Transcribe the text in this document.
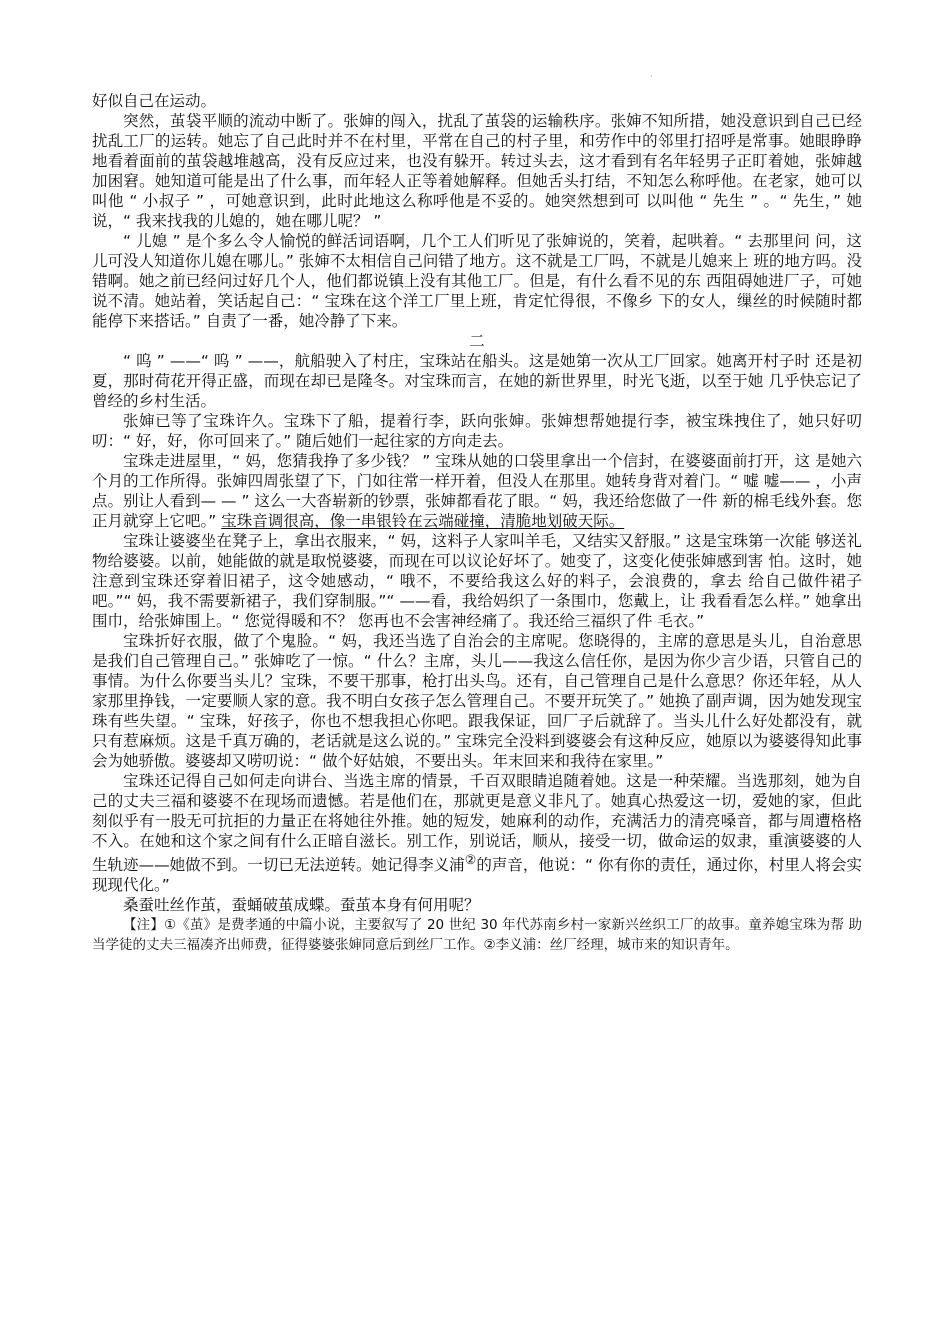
·

好似自己在运动。

突然，茧袋平顺的流动中断了。张婶的闯入，扰乱了茧袋的运输秩序。张婶不知所措，她没意识到自己已经扰乱工厂的运转。她忘了自己此时并不在村里，平常在自己的村子里，和劳作中的邻里打招呼是常事。她眼睁睁地看着面前的茧袋越堆越高，没有反应过来，也没有躲开。转过头去，这才看到有名年轻男子正盯着她，张婶越加困窘。她知道可能是出了什么事，而年轻人正等着她解释。但她舌头打结，不知怎么称呼他。在老家，她可以叫他 “ 小叔子 ” ，可她意识到，此时此地这么称呼他是不妥的。她突然想到可 以叫他 “ 先生 ” 。“ 先生，” 她说，“ 我来找我的儿媳的，她在哪儿呢？ ”

“ 儿媳 ” 是个多么令人愉悦的鲜活词语啊，几个工人们听见了张婶说的，笑着，起哄着。“ 去那里问 问，这儿可没人知道你儿媳在哪儿。” 张婶不太相信自己问错了地方。这不就是工厂吗，不就是儿媳来上 班的地方吗。没错啊。她之前已经问过好几个人，他们都说镇上没有其他工厂。但是，有什么看不见的东 西阻碍她进厂子，可她说不清。她站着，笑话起自己：“ 宝珠在这个洋工厂里上班，肯定忙得很，不像乡 下的女人，缫丝的时候随时都能停下来搭话。” 自责了一番，她冷静了下来。

二

“ 呜 ” ——“ 呜 ” ——，航船驶入了村庄，宝珠站在船头。这是她第一次从工厂回家。她离开村子时 还是初夏，那时荷花开得正盛，而现在却已是隆冬。对宝珠而言，在她的新世界里，时光飞逝，以至于她 几乎快忘记了曾经的乡村生活。

张婶已等了宝珠许久。宝珠下了船，提着行李，跃向张婶。张婶想帮她提行李，被宝珠拽住了，她只好叨叨：“ 好，好，你可回来了。” 随后她们一起往家的方向走去。

宝珠走进屋里，“ 妈，您猜我挣了多少钱？ ” 宝珠从她的口袋里拿出一个信封，在婆婆面前打开，这 是她六个月的工作所得。张婶四周张望了下，门如往常一样开着，但没人在那里。她转身背对着门。“ 嘘 嘘—— ，小声点。别让人看到— — ” 这么一大沓崭新的钞票，张婶都看花了眼。“ 妈，我还给您做了一件 新的棉毛线外套。您正月就穿上它吧。” 宝珠音调很高，像一串银铃在云端碰撞，清脆地划破天际。

宝珠让婆婆坐在凳子上，拿出衣服来，“ 妈，这料子人家叫羊毛，又结实又舒服。” 这是宝珠第一次能 够送礼物给婆婆。以前，她能做的就是取悦婆婆，而现在可以议论好坏了。她变了，这变化使张婶感到害 怕。这时，她注意到宝珠还穿着旧裙子，这令她感动，“ 哦不，不要给我这么好的料子，会浪费的，拿去 给自己做件裙子吧。”“ 妈，我不需要新裙子，我们穿制服。”“ ——看，我给妈织了一条围巾，您戴上，让 我看看怎么样。” 她拿出围巾，给张婶围上。“ 您觉得暖和不？ 您再也不会害神经痛了。我还给三福织了件 毛衣。”

宝珠折好衣服，做了个鬼脸。“ 妈，我还当选了自治会的主席呢。您晓得的，主席的意思是头儿，自治意思是我们自己管理自己。” 张婶吃了一惊。“ 什么？主席，头儿——我这么信任你，是因为你少言少语，只管自己的事情。为什么你要当头儿？宝珠，不要干那事，枪打出头鸟。还有，自己管理自己是什么意思？你还年轻，从人家那里挣钱，一定要顺人家的意。我不明白女孩子怎么管理自己。不要开玩笑了。” 她换了副声调，因为她发现宝珠有些失望。“ 宝珠，好孩子，你也不想我担心你吧。跟我保证，回厂子后就辞了。当头儿什么好处都没有，就只有惹麻烦。这是千真万确的，老话就是这么说的。” 宝珠完全没料到婆婆会有这种反应，她原以为婆婆得知此事会为她骄傲。婆婆却又唠叨说：“ 做个好姑娘，不要出头。年末回来和我待在家里。”

宝珠还记得自己如何走向讲台、当选主席的情景，千百双眼睛追随着她。这是一种荣耀。当选那刻，她为自己的丈夫三福和婆婆不在现场而遗憾。若是他们在，那就更是意义非凡了。她真心热爱这一切，爱她的家，但此刻似乎有一股无可抗拒的力量正在将她往外推。她的短发，她麻利的动作，充满活力的清亮嗓音，都与周遭格格不入。在她和这个家之间有什么正暗自滋长。别工作，别说话，顺从，接受一切，做命运的奴隶，重演婆婆的人生轨迹——她做不到。一切已无法逆转。她记得李义浦②的声音，他说：“ 你有你的责任，通过你，村里人将会实现现代化。”

桑蚕吐丝作茧，蚕蛹破茧成蝶。蚕茧本身有何用呢？

【注】①《茧》是费孝通的中篇小说，主要叙写了 20 世纪 30 年代苏南乡村一家新兴丝织工厂的故事。童养媳宝珠为帮 助当学徒的丈夫三福凑齐出师费，征得婆婆张婶同意后到丝厂工作。②李义浦：丝厂经理，城市来的知识青年。
